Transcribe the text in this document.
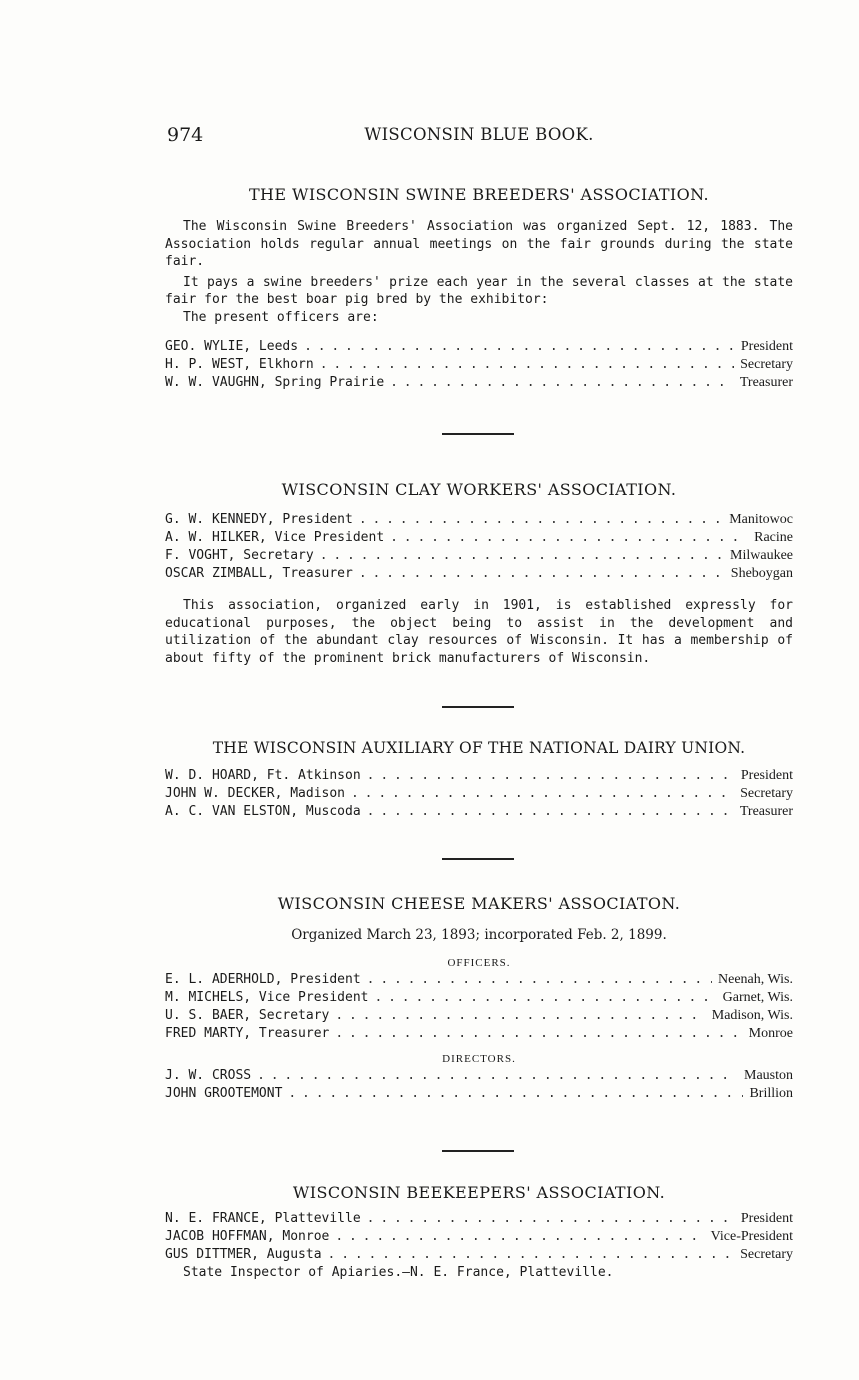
974	WISCONSIN BLUE BOOK.
THE WISCONSIN SWINE BREEDERS' ASSOCIATION.

The Wisconsin Swine Breeders' Association was organized Sept. 12, 1883. The Association holds regular annual meetings on the fair grounds during the state fair.

It pays a swine breeders' prize each year in the several classes at the state fair for the best boar pig bred by the exhibitor:

The present officers are:

GEO. WYLIE, Leeds . . .	President
H. P. WEST, Elkhorn . . .	Secretary
W. W. VAUGHN, Spring Prairie . . .	Treasurer
WISCONSIN CLAY WORKERS' ASSOCIATION.
G. W. KENNEDY, President . . .	Manitowoc
A. W. HILKER, Vice President . . .	Racine
F. VOGHT, Secretary . . .	Milwaukee
OSCAR ZIMBALL, Treasurer . . .	Sheboygan

This association, organized early in 1901, is established expressly for educational purposes, the object being to assist in the development and utilization of the abundant clay resources of Wisconsin. It has a membership of about fifty of the prominent brick manufacturers of Wisconsin.

THE WISCONSIN AUXILIARY OF THE NATIONAL DAIRY UNION.
W. D. HOARD, Ft. Atkinson . . .	President
JOHN W. DECKER, Madison . . .	Secretary
A. C. VAN ELSTON, Muscoda . . .	Treasurer
WISCONSIN CHEESE MAKERS' ASSOCIATON.
Organized March 23, 1893; incorporated Feb. 2, 1899.
OFFICERS.
E. L. ADERHOLD, President . . .	Neenah, Wis.
M. MICHELS, Vice President . . .	Garnet, Wis.
U. S. BAER, Secretary . . .	Madison, Wis.
FRED MARTY, Treasurer . . .	Monroe
DIRECTORS.
J. W. CROSS . . .	Mauston
JOHN GROOTEMONT . . .	Brillion
WISCONSIN BEEKEEPERS' ASSOCIATION.
N. E. FRANCE, Platteville . . .	President
JACOB HOFFMAN, Monroe . . .	Vice-President
GUS DITTMER, Augusta . . .	Secretary
State Inspector of Apiaries.—N. E. France, Platteville.
